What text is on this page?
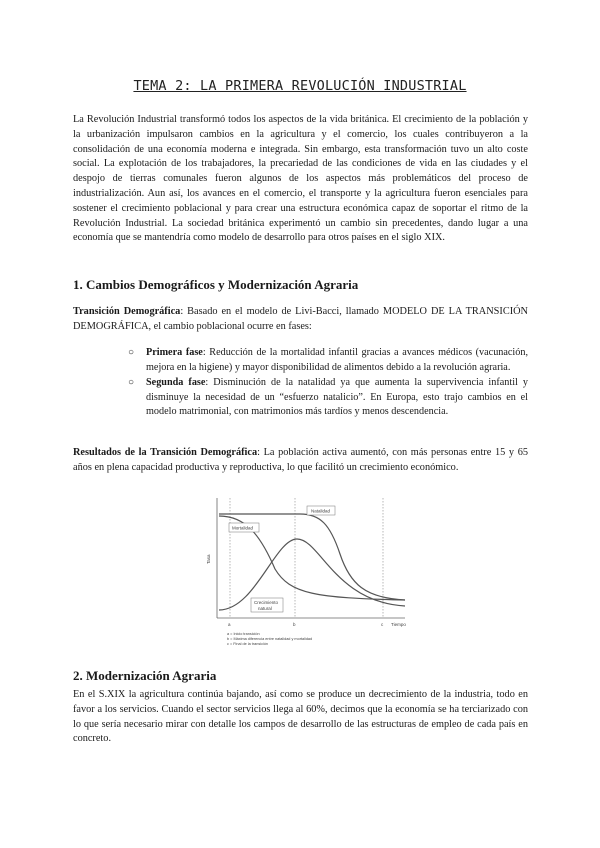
TEMA 2: LA PRIMERA REVOLUCIÓN INDUSTRIAL

La Revolución Industrial transformó todos los aspectos de la vida británica. El crecimiento de la población y la urbanización impulsaron cambios en la agricultura y el comercio, los cuales contribuyeron a la consolidación de una economía moderna e integrada. Sin embargo, esta transformación tuvo un alto coste social. La explotación de los trabajadores, la precariedad de las condiciones de vida en las ciudades y el despojo de tierras comunales fueron algunos de los aspectos más problemáticos del proceso de industrialización. Aun así, los avances en el comercio, el transporte y la agricultura fueron esenciales para sostener el crecimiento poblacional y para crear una estructura económica capaz de soportar el ritmo de la Revolución Industrial. La sociedad británica experimentó un cambio sin precedentes, dando lugar a una economía que se mantendría como modelo de desarrollo para otros países en el siglo XIX.

1. Cambios Demográficos y Modernización Agraria

Transición Demográfica: Basado en el modelo de Livi-Bacci, llamado MODELO DE LA TRANSICIÓN DEMOGRÁFICA, el cambio poblacional ocurre en fases:

○ Primera fase: Reducción de la mortalidad infantil gracias a avances médicos (vacunación, mejora en la higiene) y mayor disponibilidad de alimentos debido a la revolución agraria.
○ Segunda fase: Disminución de la natalidad ya que aumenta la supervivencia infantil y disminuye la necesidad de un “esfuerzo natalicio”. En Europa, esto trajo cambios en el modelo matrimonial, con matrimonios más tardíos y menos descendencia.

Resultados de la Transición Demográfica: La población activa aumentó, con más personas entre 15 y 65 años en plena capacidad productiva y reproductiva, lo que facilitó un crecimiento económico.

Tasa
Tiempo
Natalidad
Mortalidad
Crecimiento
natural
a	b	c
a = Inicio transición
b = Máxima diferencia entre natalidad y mortalidad
c = Final de la transición
2. Modernización Agraria

En el S.XIX la agricultura continúa bajando, así como se produce un decrecimiento de la industria, todo en favor a los servicios. Cuando el sector servicios llega al 60%, decimos que la economía se ha terciarizado con lo que sería necesario mirar con detalle los campos de desarrollo de las estructuras de empleo de cada país en concreto.
